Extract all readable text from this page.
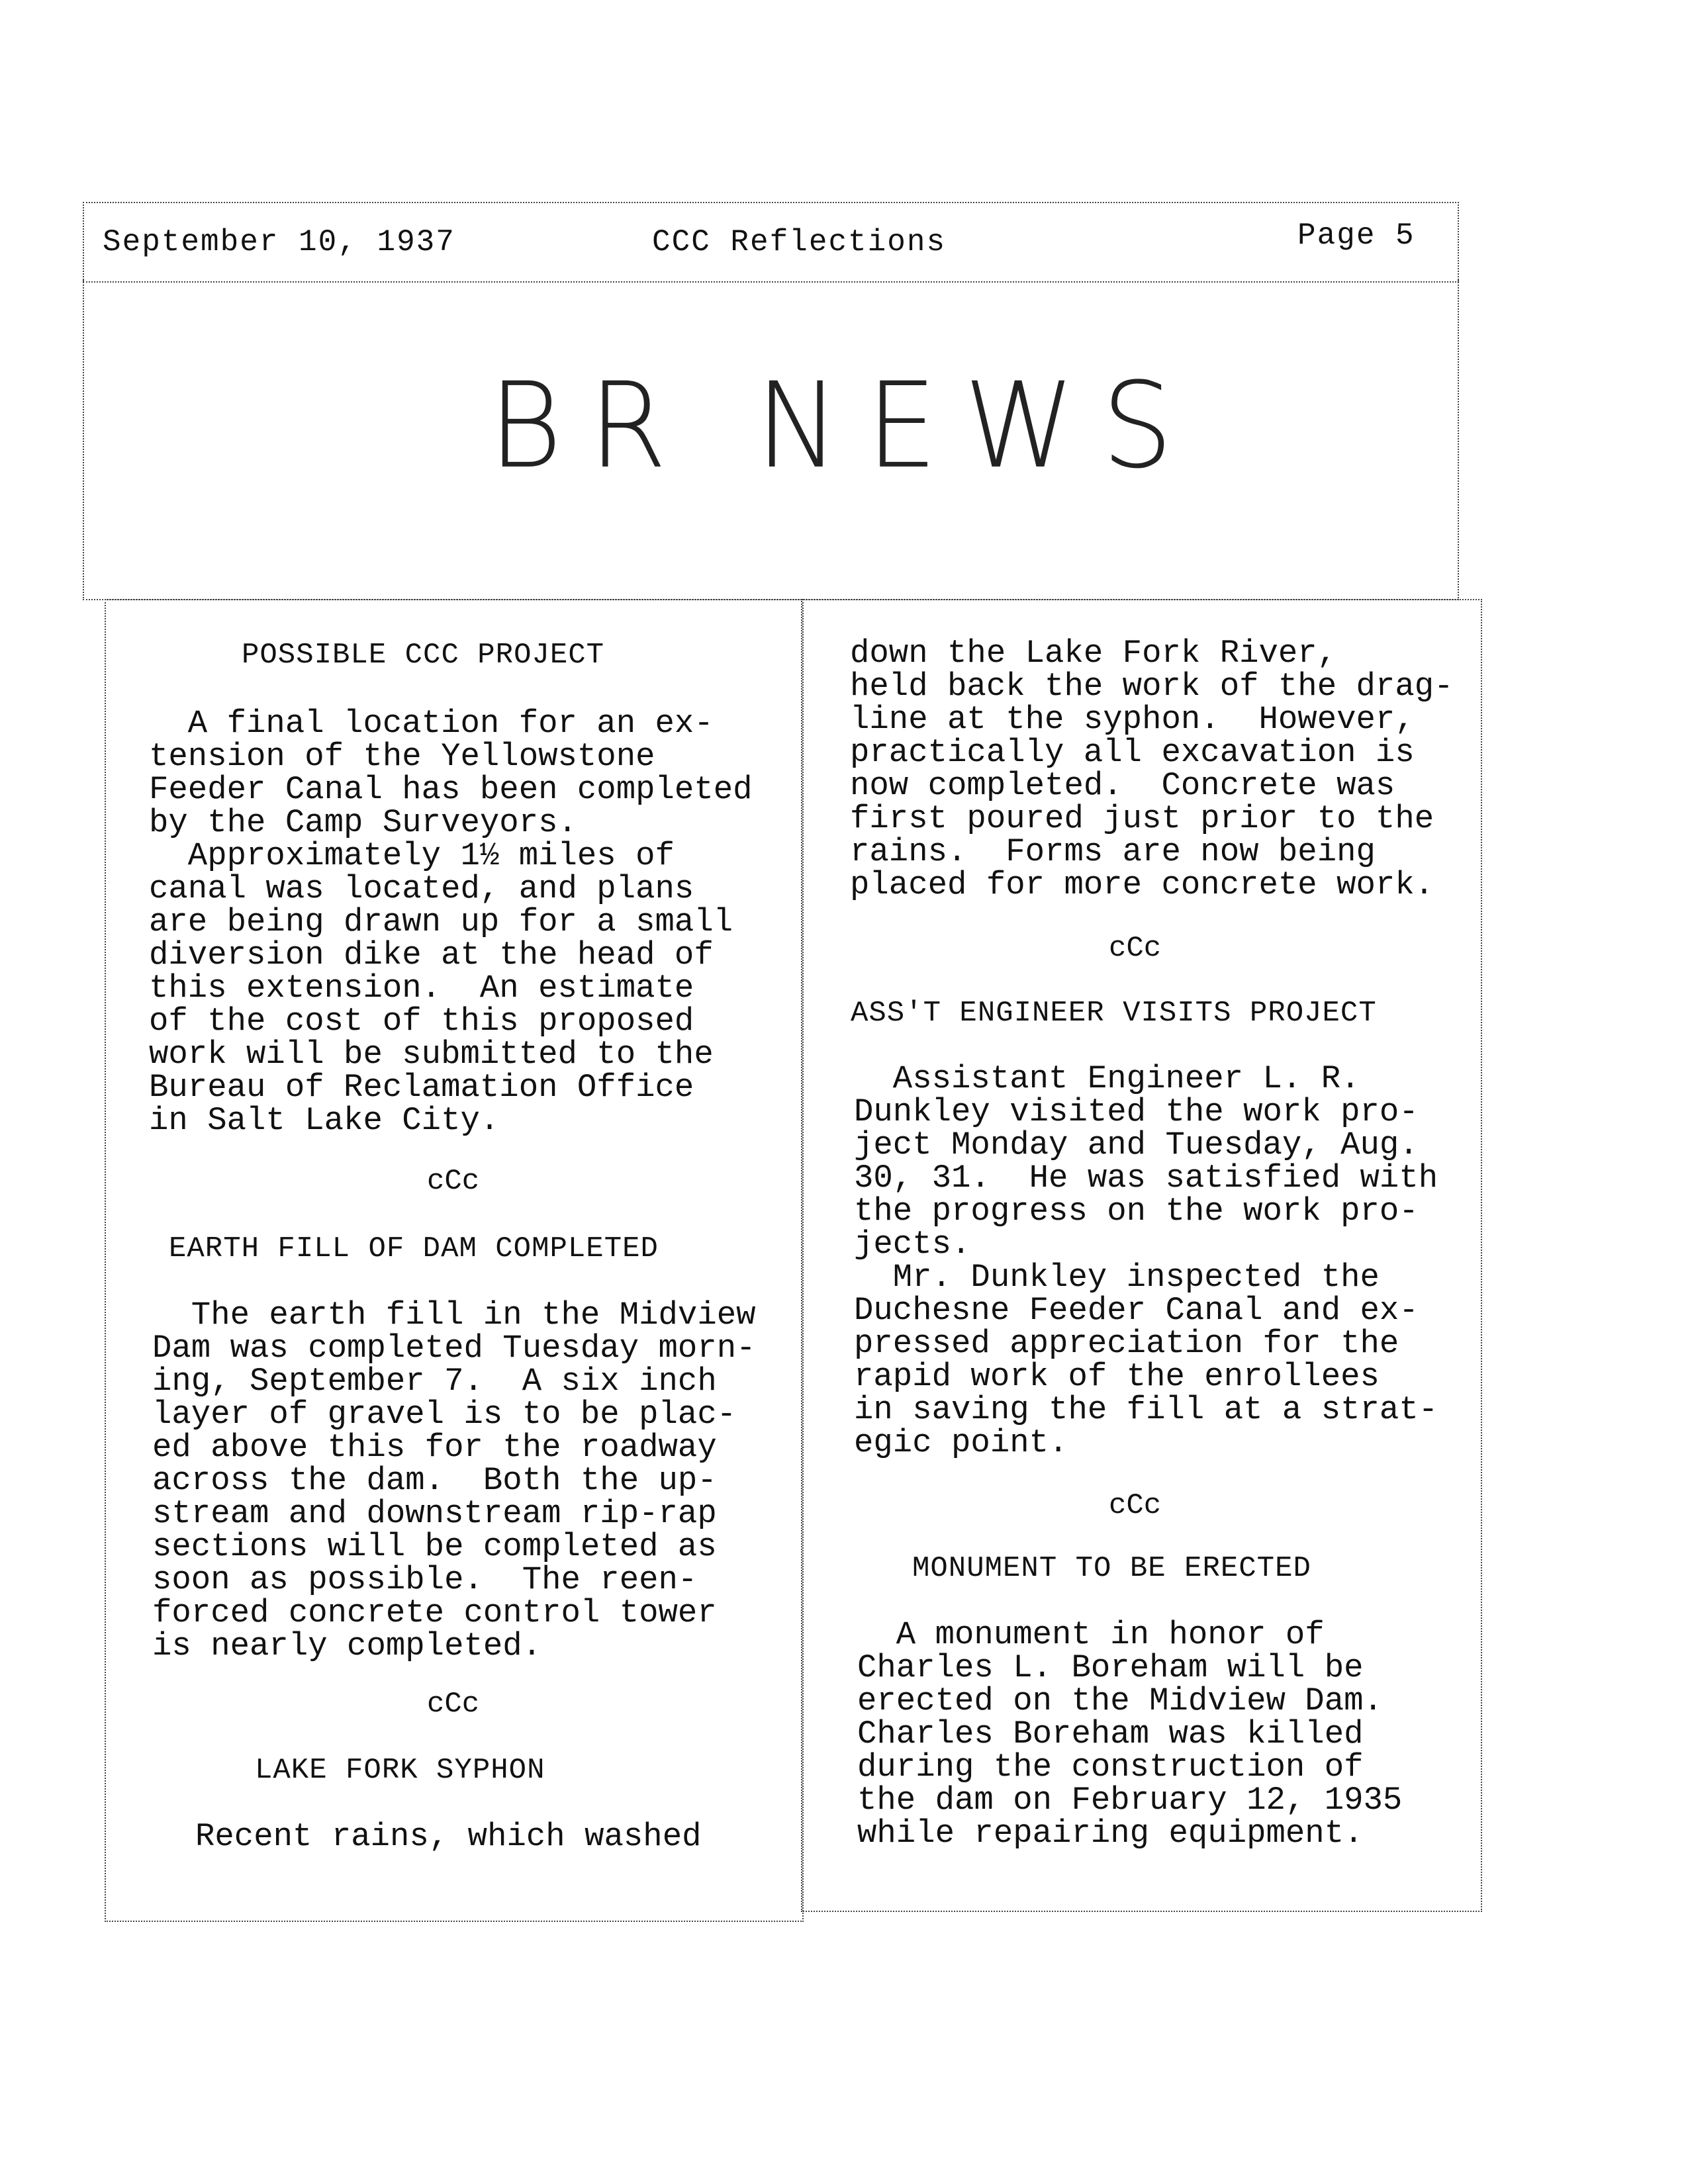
September 10, 1937	CCC Reflections	Page 5
BR NEWS
POSSIBLE CCC PROJECT
A final location for an ex-
tension of the Yellowstone
Feeder Canal has been completed
by the Camp Surveyors.
Approximately 1½ miles of
canal was located, and plans
are being drawn up for a small
diversion dike at the head of
this extension.  An estimate
of the cost of this proposed
work will be submitted to the
Bureau of Reclamation Office
in Salt Lake City.
cCc
EARTH FILL OF DAM COMPLETED
The earth fill in the Midview
Dam was completed Tuesday morn-
ing, September 7.  A six inch
layer of gravel is to be plac-
ed above this for the roadway
across the dam.  Both the up-
stream and downstream rip-rap
sections will be completed as
soon as possible.  The reen-
forced concrete control tower
is nearly completed.
cCc
LAKE FORK SYPHON
Recent rains, which washed
down the Lake Fork River,
held back the work of the drag-
line at the syphon.  However,
practically all excavation is
now completed.  Concrete was
first poured just prior to the
rains.  Forms are now being
placed for more concrete work.
cCc
ASS'T ENGINEER VISITS PROJECT
Assistant Engineer L. R.
Dunkley visited the work pro-
ject Monday and Tuesday, Aug.
30, 31.  He was satisfied with
the progress on the work pro-
jects.
Mr. Dunkley inspected the
Duchesne Feeder Canal and ex-
pressed appreciation for the
rapid work of the enrollees
in saving the fill at a strat-
egic point.
cCc
MONUMENT TO BE ERECTED
A monument in honor of
Charles L. Boreham will be
erected on the Midview Dam.
Charles Boreham was killed
during the construction of
the dam on February 12, 1935
while repairing equipment.
